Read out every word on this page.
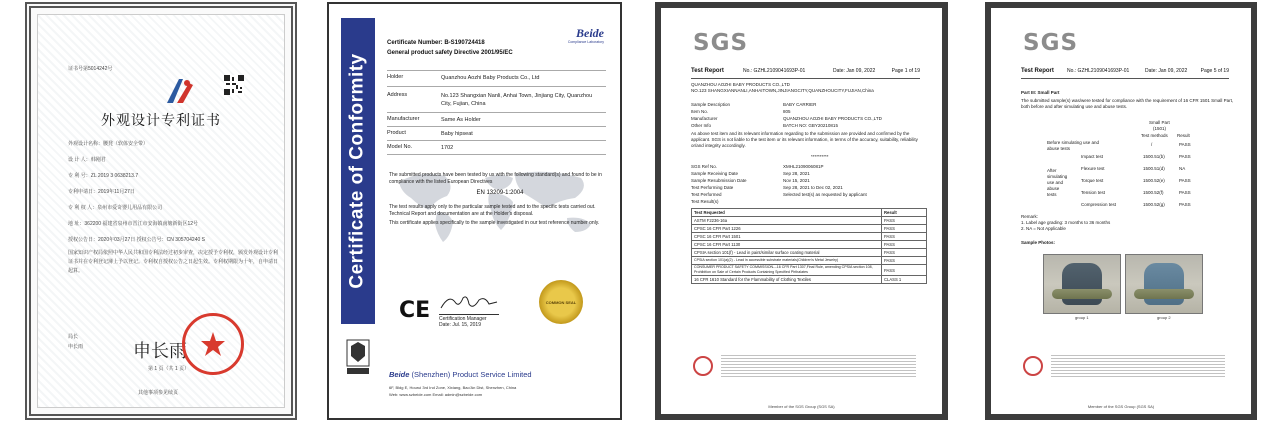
证书号第5014242号
外观设计专利证书
外观设计名称：腰凳（软体安全带）
设 计 人：韩刚君
专 利 号：ZL 2019 3 0638213.7
专利申请日：2019年11月27日
专 利 权 人：泉州市爱奇婴儿用品有限公司
地 址：362200 福建省泉州市晋江市安海镇南塘新街区12号
授权公告日：2020年03月27日 授权公告号：CN 305704240 S
国家知识产权局依照中华人民共和国专利法经过初步审查，决定授予专利权，颁发外观设计专利证书并在专利登记簿上予以登记。专利权自授权公告之日起生效。专利权期限为十年，自申请日起算。
局长
申长雨	申长雨
第 1 页（共 1 页）
其他事项参见续页
Certificate of Conformity
Certificate Number: B-S190724418
General product safety Directive 2001/95/EC
Beide
Compliance Laboratory
Holder	Quanzhou Aozhi Baby Products Co., Ltd
Address	No.123 Shangxian Nanli, Anhai Town, Jinjiang City, Quanzhou City, Fujian, China
Manufacturer	Same As Holder
Product	Baby hipseat
Model No.	1702
The submitted products have been tested by us with the following standard(s) and found to be in compliance with the listed European Directives
EN 13209-1:2004
The test results apply only to the particular sample tested and to the specific tests carried out. Technical Report and documentation are at the Holder's disposal.
This certificate applies specifically to the sample investigated in our test reference number only.
CE Certification Manager
Date: Jul. 15, 2019
COMMON SEAL
Beide (Shenzhen) Product Service Limited
6F, Bldg E, Hourui 3rd Ind Zone, Xixiang, Bao'An Dist, Shenzhen, China
Web: www.szbeide.com Email: admin@szbeide.com
SGS
Test Report	No.: GZHL2109041693P-01	Date: Jan 09, 2022	Page 1 of 19
QUANZHOU AOZHI BABY PRODUCTS CO.,LTD
NO.123 SHANGXIANNANLI,ANHAITOWN,JINJIANGCITY,QUANZHOUCITY,FUJIAN,China
Sample Description	BABY CARRIER
Item No.	805
Manufacturer	QUANZHOU AOZHI BABY PRODUCTS CO.,LTD
Other Info	BATCH NO: GBY20210815
As above test item and its relevant information regarding to the submission are provided and confirmed by the applicant. SGS is not liable to the test item or its relevant information, in terms of the accuracy, suitability, reliability or/and integrity accordingly.
**********
SGS Ref No.	XMHL2109006081P
Sample Receiving Date	Sep 28, 2021
Sample Resubmission Date	Nov 15, 2021
Test Performing Date	Sep 28, 2021 to Dec 02, 2021
Test Performed	Selected test(s) as requested by applicant
Test Result(s)
Test Requested	Result
ASTM F2236-16a	PASS
CPSC 16 CFR Part 1226	PASS
CPSC 16 CFR Part 1501	PASS
CPSC 16 CFR Part 1130	PASS
CPSIA section 101(f) - Lead in paint/similar surface coating material	PASS
CPSIA section 101(a)(2) - Lead in accessible substrate materials(Children's Metal Jewelry)	PASS
CONSUMER PRODUCT SAFETY COMMISSION---16 CFR Part 1307,Final Rule, amending CPSIA section 108, Prohibition on Sale of Certain Products Containing Specified Phthalates	PASS
16 CFR 1610 Standard for the Flammability of Clothing Textiles	CLASS 1
Member of the SGS Group (SGS SA)
SGS
Test Report	No.: GZHL2109041693P-01	Date: Jan 09, 2022	Page 5 of 19
Part III: Small Part
The submitted sample(s) was/were tested for compliance with the requirement of 16 CFR 1501 Small Part, both before and after simulating use and abuse tests.
Small Part
(1501)
Test methods Result
Before simulating use and abuse tests
/	PASS
After simulating use and abuse tests
Impact test	1500.51(b)	PASS
Flexure test	1500.51(d)	NA
Torque test	1500.52(e)	PASS
Tension test	1500.52(f)	PASS
Compression test	1500.52(g)	PASS
Remark:
1. Label age grading: 3 months to 36 months
2. NA = Not Applicable
Sample Photos:
group 1	group 2
Member of the SGS Group (SGS SA)
